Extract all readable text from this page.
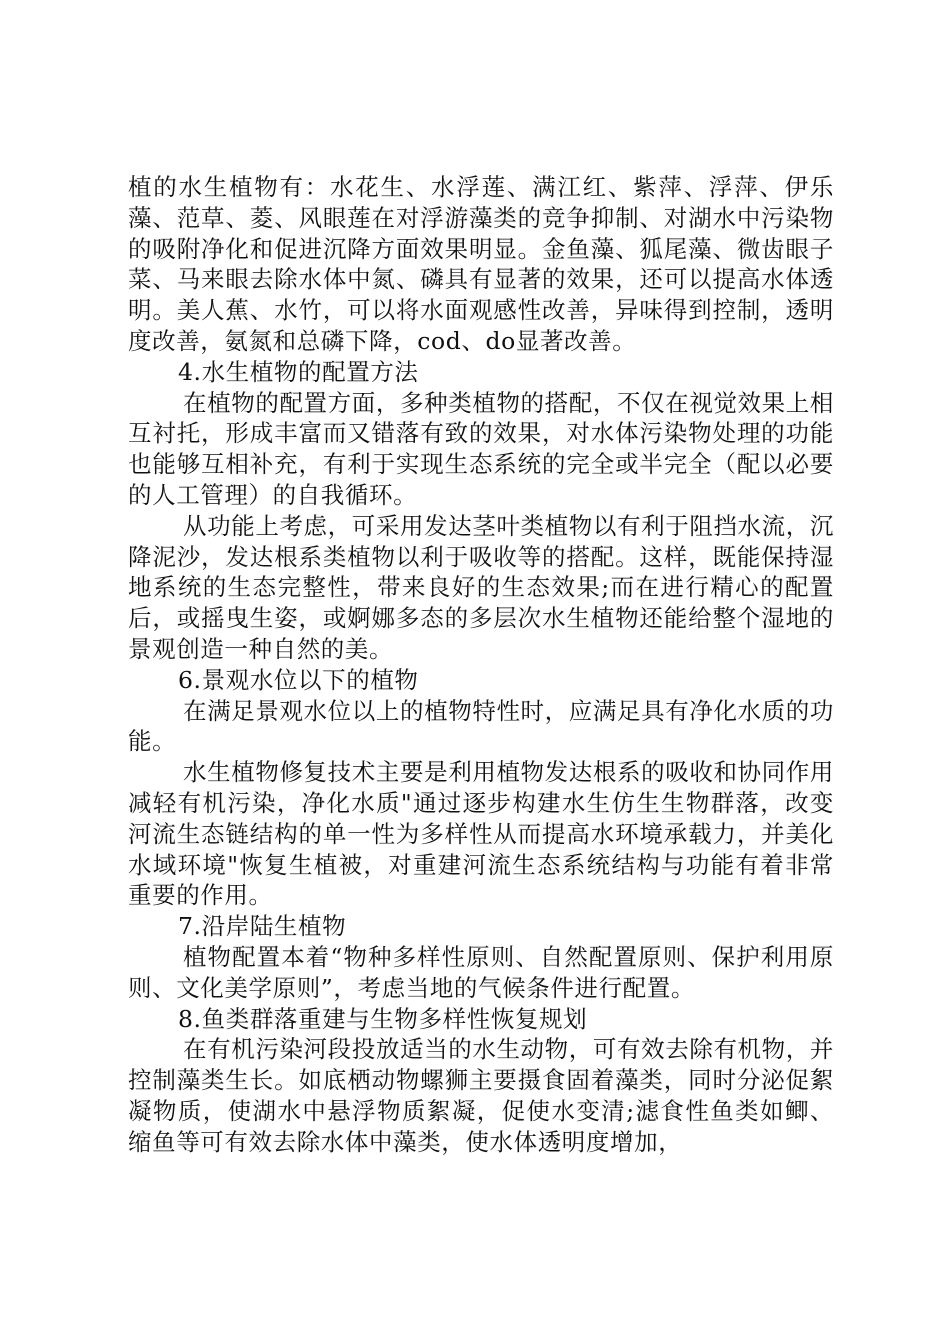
植的水生植物有：水花生、水浮莲、满江红、紫萍、浮萍、伊乐藻、范草、菱、风眼莲在对浮游藻类的竞争抑制、对湖水中污染物的吸附净化和促进沉降方面效果明显。金鱼藻、狐尾藻、微齿眼子菜、马来眼去除水体中氮、磷具有显著的效果，还可以提高水体透明。美人蕉、水竹，可以将水面观感性改善，异味得到控制，透明度改善，氨氮和总磷下降，cod、do显著改善。

4.水生植物的配置方法

在植物的配置方面，多种类植物的搭配，不仅在视觉效果上相互衬托，形成丰富而又错落有致的效果，对水体污染物处理的功能也能够互相补充，有利于实现生态系统的完全或半完全（配以必要的人工管理）的自我循环。

从功能上考虑，可采用发达茎叶类植物以有利于阻挡水流，沉降泥沙，发达根系类植物以利于吸收等的搭配。这样，既能保持湿地系统的生态完整性，带来良好的生态效果;而在进行精心的配置后，或摇曳生姿，或婀娜多态的多层次水生植物还能给整个湿地的景观创造一种自然的美。

6.景观水位以下的植物

在满足景观水位以上的植物特性时，应满足具有净化水质的功能。

水生植物修复技术主要是利用植物发达根系的吸收和协同作用减轻有机污染，净化水质"通过逐步构建水生仿生生物群落，改变河流生态链结构的单一性为多样性从而提高水环境承载力，并美化水域环境"恢复生植被，对重建河流生态系统结构与功能有着非常重要的作用。

7.沿岸陆生植物

植物配置本着“物种多样性原则、自然配置原则、保护利用原则、文化美学原则”，考虑当地的气候条件进行配置。

8.鱼类群落重建与生物多样性恢复规划

在有机污染河段投放适当的水生动物，可有效去除有机物，并控制藻类生长。如底栖动物螺狮主要摄食固着藻类，同时分泌促絮凝物质，使湖水中悬浮物质絮凝，促使水变清;滤食性鱼类如鲫、缩鱼等可有效去除水体中藻类，使水体透明度增加，
